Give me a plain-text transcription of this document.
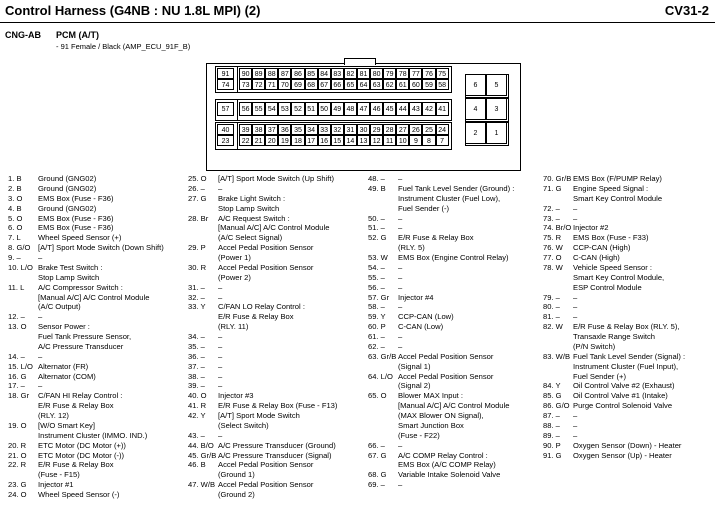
Control Harness (G4NB : NU 1.8L MPI) (2)	CV31-2
CNG-AB PCM (A/T)
- 91 Female / Black (AMP_ECU_91F_B)
91	90 89 88 87 86 85 84 83 82 81 80 79 78 77 76 75
74	73 72 71 70 69 68 67 66 65 64 63 62 61 60 59 58
57	56 55 54 53 52 51 50 49 48 47 46 45 44 43 42 41
40	39 38 37 36 35 34 33 32 31 30 29 28 27 26 25 24
23	22 21 20 19 18 17 16 15 14 13 12 11 10	9	8	7
6	5
4	3
2	1
1. B Ground (GNG02)
2. B Ground (GNG02)
3. O EMS Box (Fuse - F36)
4. B Ground (GNG02)
5. O EMS Box (Fuse - F36)
6. O EMS Box (Fuse - F36)
7. L Wheel Speed Sensor (+)
8. G/O [A/T] Sport Mode Switch (Down Shift)
9. – –
10. L/O Brake Test Switch :
Stop Lamp Switch
11. L A/C Compressor Switch :
[Manual A/C] A/C Control Module
(A/C Output)
12. – –
13. O Sensor Power :
Fuel Tank Pressure Sensor,
A/C Pressure Transducer
14. – –
15. L/O Alternator (FR)
16. G Alternator (COM)
17. – –
18. Gr C/FAN HI Relay Control :
E/R Fuse & Relay Box
(RLY. 12)
19. O [W/O Smart Key]
Instrument Cluster (IMMO. IND.)
20. R ETC Motor (DC Motor (+))
21. O ETC Motor (DC Motor (-))
22. R E/R Fuse & Relay Box
(Fuse - F15)
23. G Injector #1
24. O Wheel Speed Sensor (-)
25. O [A/T] Sport Mode Switch (Up Shift)
26. – –
27. G Brake Light Switch :
Stop Lamp Switch
28. Br A/C Request Switch :
[Manual A/C] A/C Control Module
(A/C Select Signal)
29. P Accel Pedal Position Sensor
(Power 1)
30. R Accel Pedal Position Sensor
(Power 2)
31. – –
32. – –
33. Y C/FAN LO Relay Control :
E/R Fuse & Relay Box
(RLY. 11)
34. – –
35. – –
36. – –
37. – –
38. – –
39. – –
40. O Injector #3
41. R E/R Fuse & Relay Box (Fuse - F13)
42. Y [A/T] Sport Mode Switch
(Select Switch)
43. – –
44. B/O A/C Pressure Transducer (Ground)
45. Gr/B A/C Pressure Transducer (Signal)
46. B Accel Pedal Position Sensor
(Ground 1)
47. W/B Accel Pedal Position Sensor
(Ground 2)
48. – –
49. B Fuel Tank Level Sender (Ground) :
Instrument Cluster (Fuel Low),
Fuel Sender (-)
50. – –
51. – –
52. G E/R Fuse & Relay Box
(RLY. 5)
53. W EMS Box (Engine Control Relay)
54. – –
55. – –
56. – –
57. Gr Injector #4
58. – –
59. Y CCP-CAN (Low)
60. P C-CAN (Low)
61. – –
62. – –
63. Gr/B Accel Pedal Position Sensor
(Signal 1)
64. L/O Accel Pedal Position Sensor
(Signal 2)
65. O Blower MAX Input :
[Manual A/C] A/C Control Module
(MAX Blower ON Signal),
Smart Junction Box
(Fuse - F22)
66. – –
67. G A/C COMP Relay Control :
EMS Box (A/C COMP Relay)
68. G Variable Intake Solenoid Valve
69. – –
70. Gr/B EMS Box (F/PUMP Relay)
71. G Engine Speed Signal :
Smart Key Control Module
72. – –
73. – –
74. Br/O Injector #2
75. R EMS Box (Fuse - F33)
76. W CCP-CAN (High)
77. O C-CAN (High)
78. W Vehicle Speed Sensor :
Smart Key Control Module,
ESP Control Module
79. – –
80. – –
81. – –
82. W E/R Fuse & Relay Box (RLY. 5),
Transaxle Range Switch
(P/N Switch)
83. W/B Fuel Tank Level Sender (Signal) :
Instrument Cluster (Fuel Input),
Fuel Sender (+)
84. Y Oil Control Valve #2 (Exhaust)
85. G Oil Control Valve #1 (Intake)
86. G/O Purge Control Solenoid Valve
87. – –
88. – –
89. – –
90. P Oxygen Sensor (Down) - Heater
91. G Oxygen Sensor (Up) - Heater
